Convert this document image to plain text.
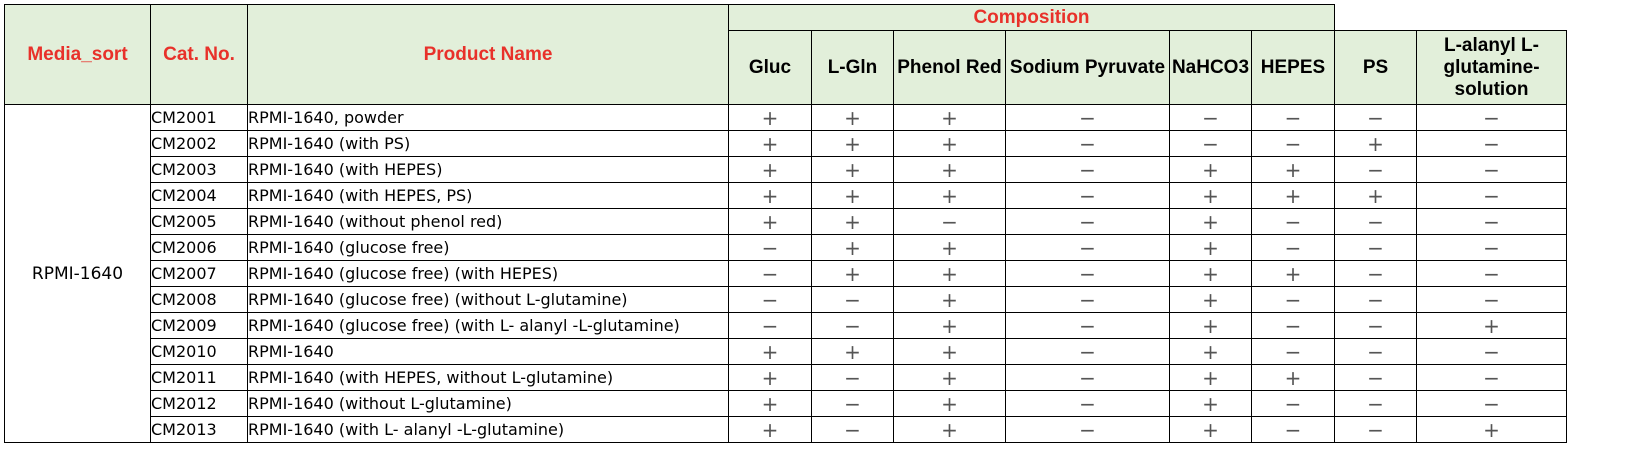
Media_sort	Cat. No.	Product Name	Composition							
			Gluc	L-Gln	Phenol Red	Sodium Pyruvate	NaHCO3	HEPES	PS	L-alanyl L-glutamine-solution
RPMI-1640	CM2001	RPMI-1640, powder	+	+	+	−	−	−	−	−
	CM2002	RPMI-1640 (with PS)	+	+	+	−	−	−	+	−
	CM2003	RPMI-1640 (with HEPES)	+	+	+	−	+	+	−	−
	CM2004	RPMI-1640 (with HEPES, PS)	+	+	+	−	+	+	+	−
	CM2005	RPMI-1640 (without phenol red)	+	+	−	−	+	−	−	−
	CM2006	RPMI-1640 (glucose free)	−	+	+	−	+	−	−	−
	CM2007	RPMI-1640 (glucose free) (with HEPES)	−	+	+	−	+	+	−	−
	CM2008	RPMI-1640 (glucose free) (without L-glutamine)	−	−	+	−	+	−	−	−
	CM2009	RPMI-1640 (glucose free) (with L- alanyl -L-glutamine)	−	−	+	−	+	−	−	+
	CM2010	RPMI-1640	+	+	+	−	+	−	−	−
	CM2011	RPMI-1640 (with HEPES, without L-glutamine)	+	−	+	−	+	+	−	−
	CM2012	RPMI-1640 (without L-glutamine)	+	−	+	−	+	−	−	−
	CM2013	RPMI-1640 (with L- alanyl -L-glutamine)	+	−	+	−	+	−	−	+
